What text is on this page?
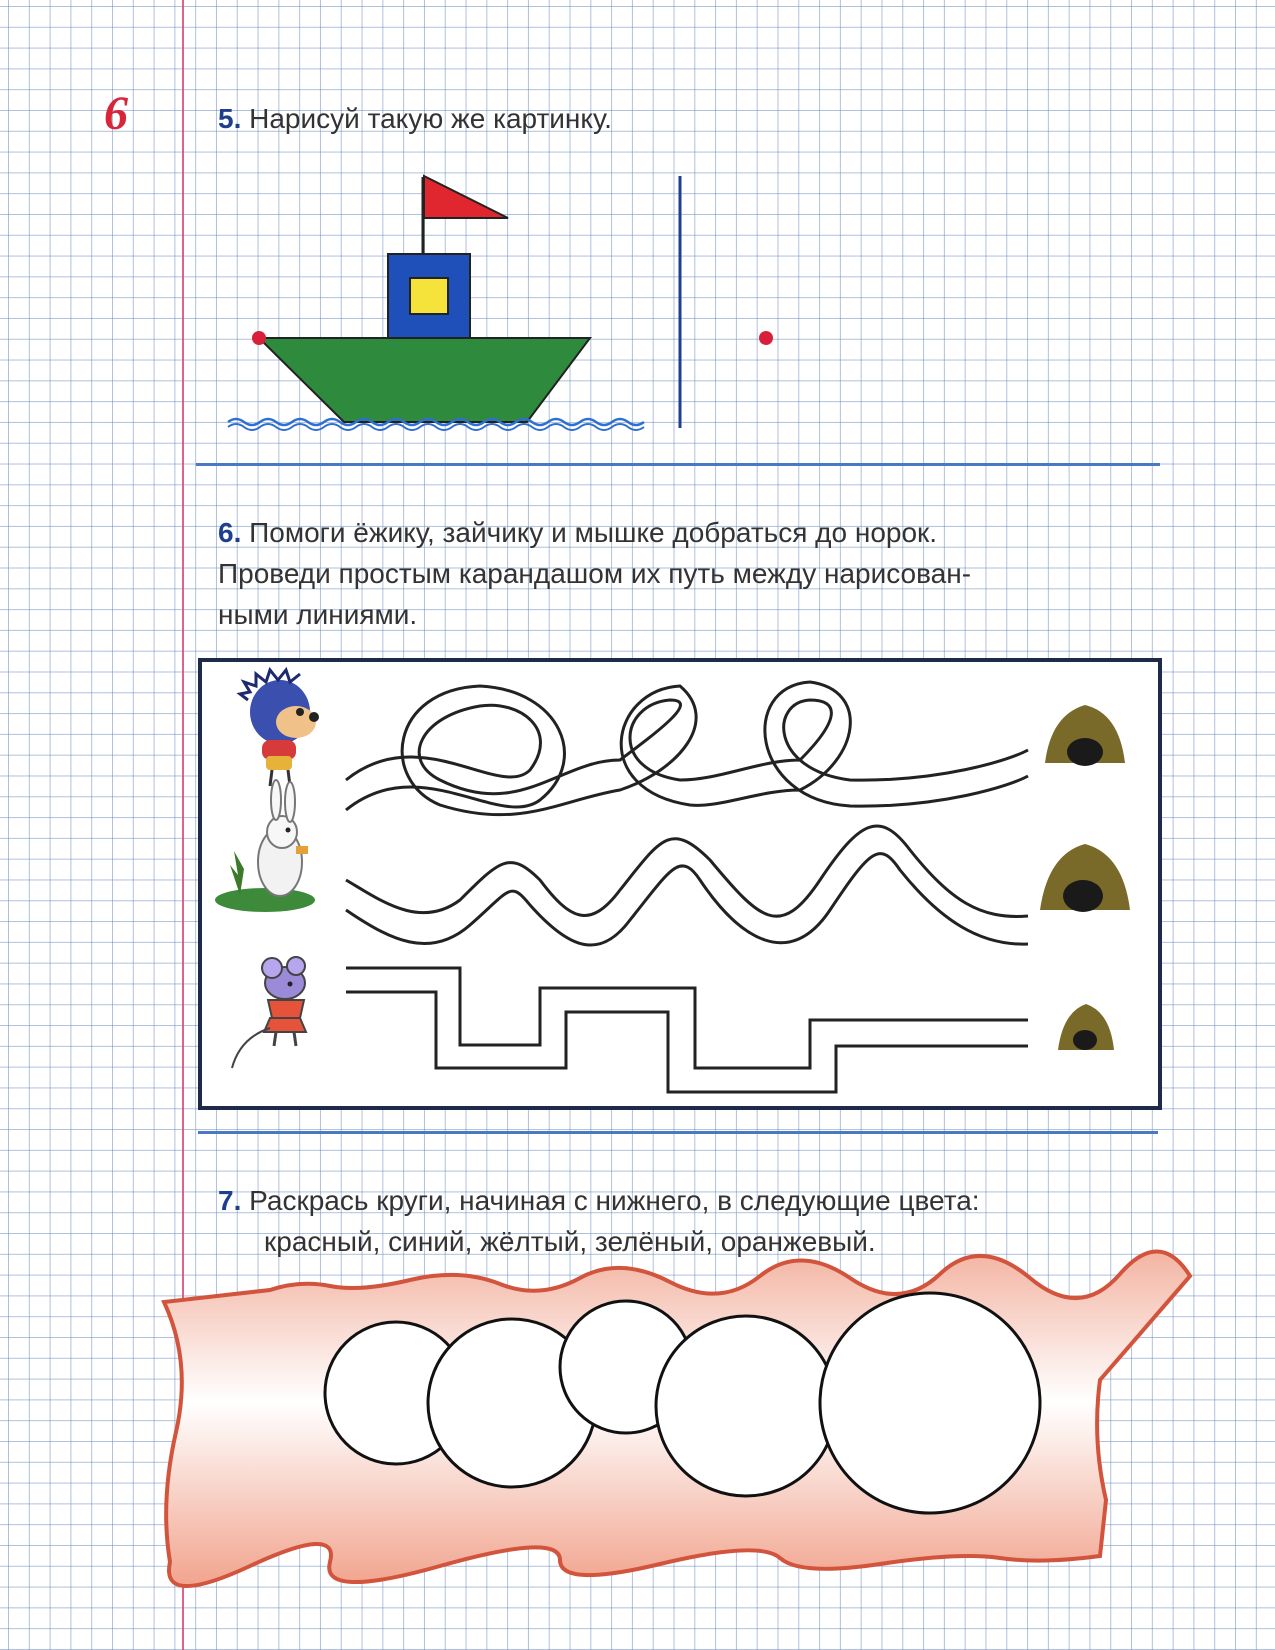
6	5. Нарисуй такую же картинку.
6. Помоги ёжику, зайчику и мышке добраться до норок.
Проведи простым карандашом их путь между нарисован-
ными линиями.
7. Раскрась круги, начиная с нижнего, в следующие цвета:
красный, синий, жёлтый, зелёный, оранжевый.
